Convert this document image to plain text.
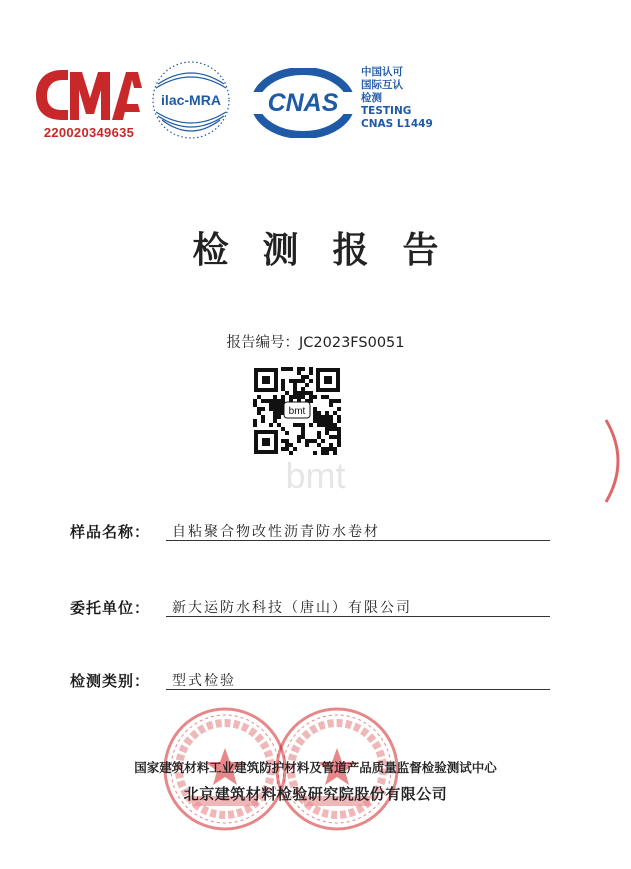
220020349635
ilac-MRA CNAS
中国认可
国际互认
检测
TESTING
CNAS L1449
检测报告
报告编号：JC2023FS0051
bmt
bmt
样品名称： 自粘聚合物改性沥青防水卷材
委托单位： 新大运防水科技（唐山）有限公司
检测类别： 型式检验
国家建筑材料工业建筑防护材料及管道产品质量监督检验测试中心
北京建筑材料检验研究院股份有限公司
